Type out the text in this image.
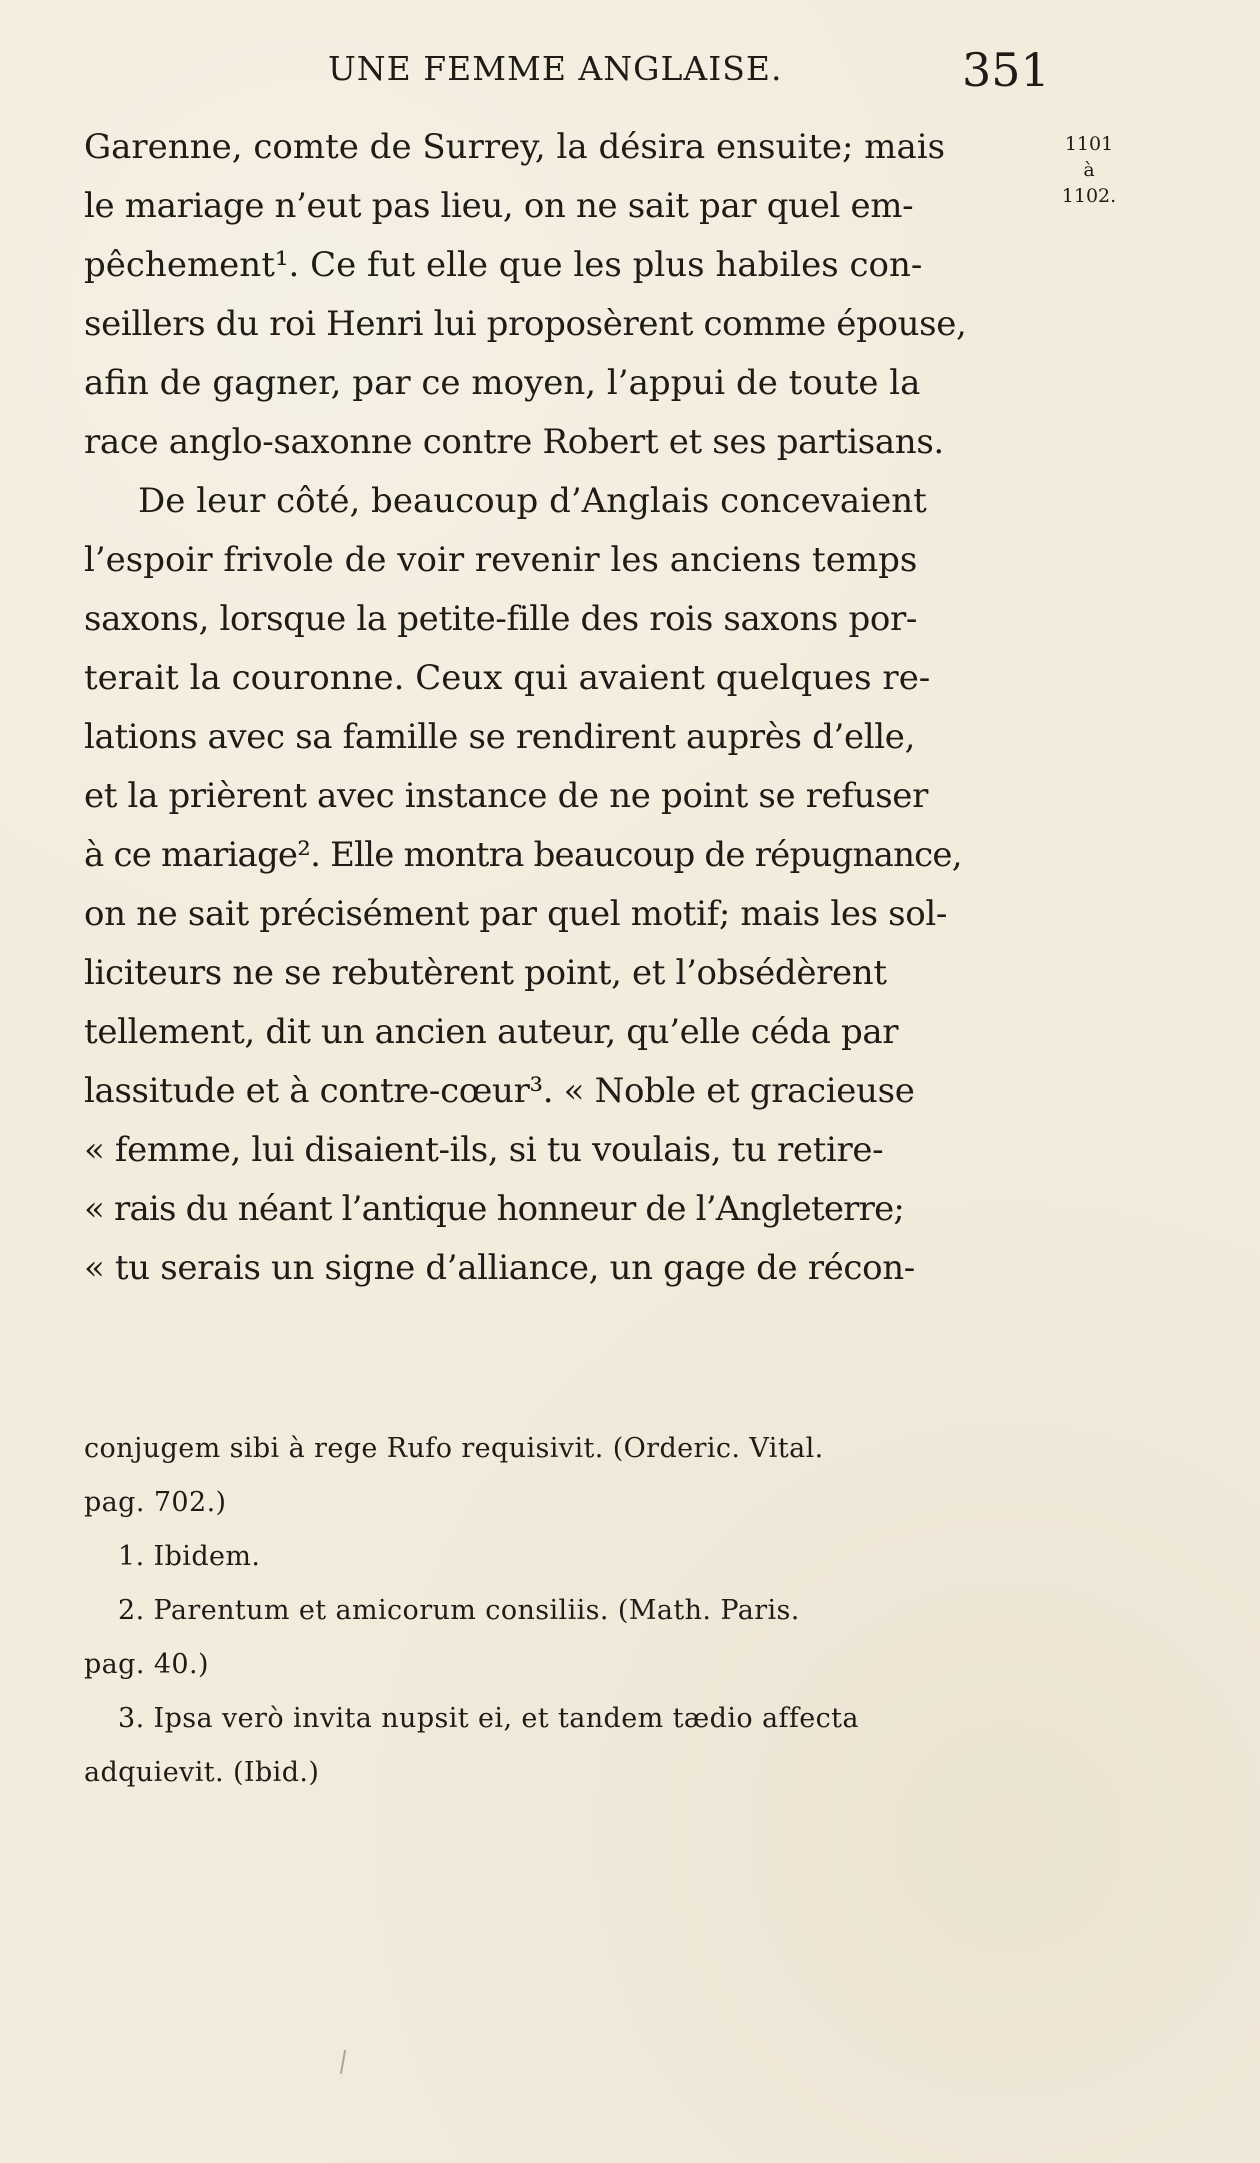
UNE FEMME ANGLAISE.	351
1101
à
1102.
Garenne, comte de Surrey, la désira ensuite; mais
le mariage n’eut pas lieu, on ne sait par quel em-
pêchement¹. Ce fut elle que les plus habiles con-
seillers du roi Henri lui proposèrent comme épouse,
afin de gagner, par ce moyen, l’appui de toute la
race anglo-saxonne contre Robert et ses partisans.
De leur côté, beaucoup d’Anglais concevaient
l’espoir frivole de voir revenir les anciens temps
saxons, lorsque la petite-fille des rois saxons por-
terait la couronne. Ceux qui avaient quelques re-
lations avec sa famille se rendirent auprès d’elle,
et la prièrent avec instance de ne point se refuser
à ce mariage². Elle montra beaucoup de répugnance,
on ne sait précisément par quel motif; mais les sol-
liciteurs ne se rebutèrent point, et l’obsédèrent
tellement, dit un ancien auteur, qu’elle céda par
lassitude et à contre-cœur³. « Noble et gracieuse
« femme, lui disaient-ils, si tu voulais, tu retire-
« rais du néant l’antique honneur de l’Angleterre;
« tu serais un signe d’alliance, un gage de récon-
conjugem sibi à rege Rufo requisivit. (Orderic. Vital.
pag. 702.)
1. Ibidem.
2. Parentum et amicorum consiliis. (Math. Paris.
pag. 40.)
3. Ipsa verò invita nupsit ei, et tandem tædio affecta
adquievit. (Ibid.)
